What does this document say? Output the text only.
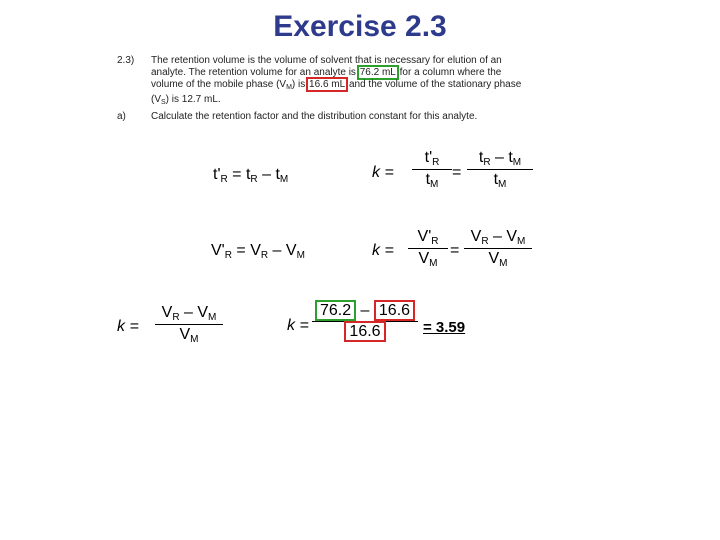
Exercise 2.3
2.3) The retention volume is the volume of solvent that is necessary for elution of an
analyte. The retention volume for an analyte is 76.2 mL for a column where the
volume of the mobile phase $(V_M)$ is 16.6 mL and the volume of the stationary phase
$(V_S)$ is 12.7 mL.
a)	Calculate the retention factor and the distribution constant for this analyte.
$t'_R = t_R - t_M$	k =
$t'_R$
$t_M$
=
$t_R - t_M$
$t_M$
$V'_R = V_R - V_M$	k =
$V'_R$
$V_M$
=
$V_R - V_M$
$V_M$
k =
$V_R - V_M$
$V_M$
k =
76.2 – 16.6
16.6	= 3.59
